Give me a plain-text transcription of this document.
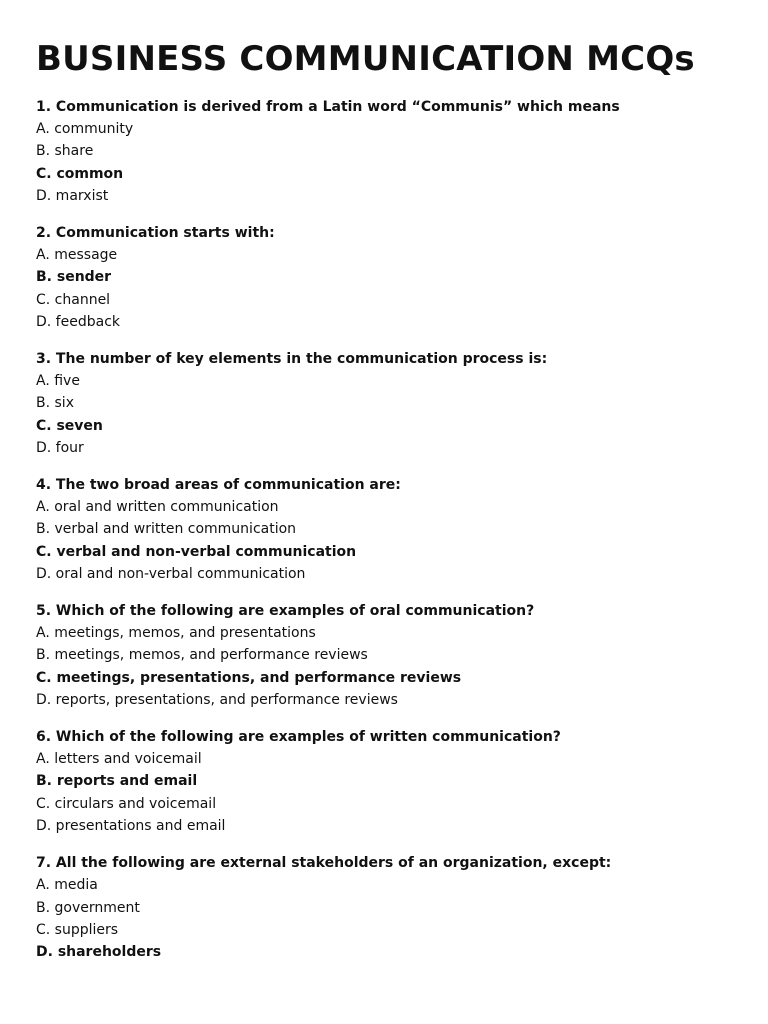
BUSINESS COMMUNICATION MCQs
1. Communication is derived from a Latin word “Communis” which means
A. community
B. share
C. common
D. marxist
2. Communication starts with:
A. message
B. sender
C. channel
D. feedback
3. The number of key elements in the communication process is:
A. five
B. six
C. seven
D. four
4. The two broad areas of communication are:
A. oral and written communication
B. verbal and written communication
C. verbal and non-verbal communication
D. oral and non-verbal communication
5. Which of the following are examples of oral communication?
A. meetings, memos, and presentations
B. meetings, memos, and performance reviews
C. meetings, presentations, and performance reviews
D. reports, presentations, and performance reviews
6. Which of the following are examples of written communication?
A. letters and voicemail
B. reports and email
C. circulars and voicemail
D. presentations and email
7. All the following are external stakeholders of an organization, except:
A. media
B. government
C. suppliers
D. shareholders
